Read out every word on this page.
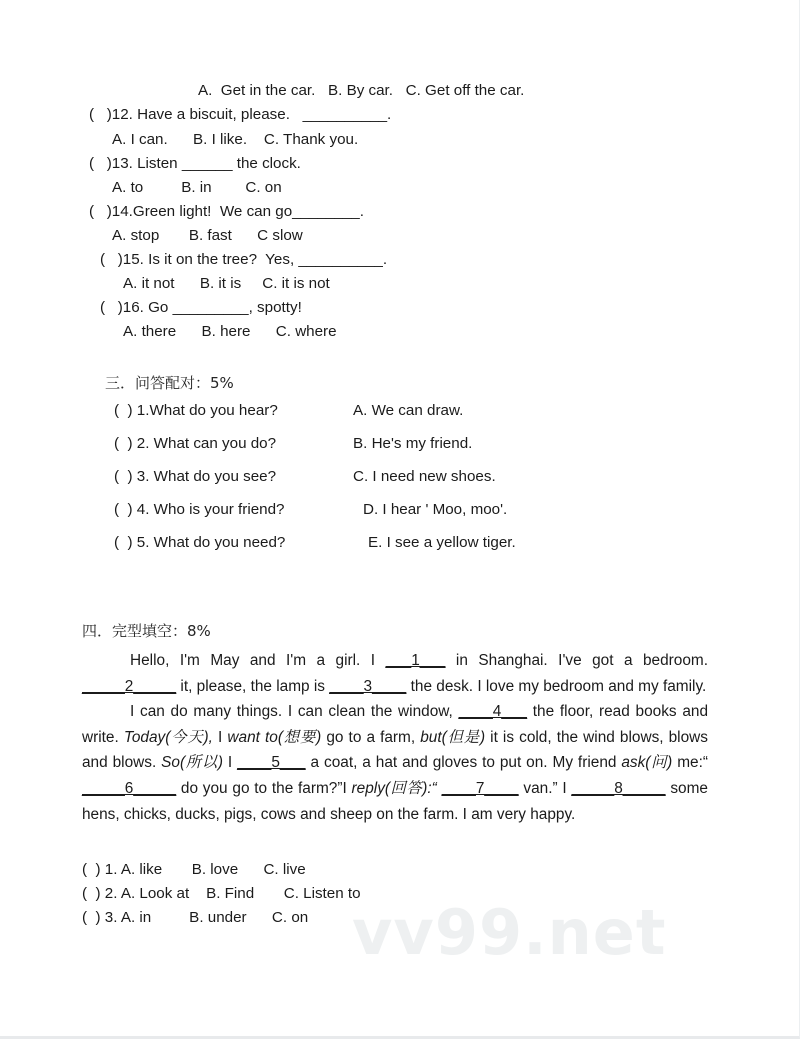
vv99.net
A.  Get in the car.   B. By car.   C. Get off the car.
(   )12. Have a biscuit, please.   __________.
A. I can.      B. I like.    C. Thank you.
(   )13. Listen ______ the clock.
A. to         B. in        C. on
(   )14.Green light!  We can go________.
A. stop       B. fast      C slow
(   )15. Is it on the tree?  Yes, __________.
A. it not      B. it is     C. it is not
(   )16. Go _________, spotty!
A. there      B. here      C. where
三．问答配对：5%
(  ) 1.What do you hear?
(  ) 2. What can you do?
(  ) 3. What do you see?
(  ) 4. Who is your friend?
(  ) 5. What do you need?
A. We can draw.
B. He's my friend.
C. I need new shoes.
D. I hear ' Moo, moo'.
E. I see a yellow tiger.
四．完型填空：8%

Hello, I'm May and I'm a girl. I ___1___ in Shanghai. I've got a bedroom. _____2_____ it, please, the lamp is ____3____ the desk. I love my bedroom and my family.

I can do many things. I can clean the window, ____4___ the floor, read books and write. Today(今天), I want to(想要) go to a farm, but(但是) it is cold, the wind blows, blows and blows. So(所以) I ____5___ a coat, a hat and gloves to put on. My friend ask(问) me:“ _____6_____ do you go to the farm?”I reply(回答):“ ____7____ van.” I _____8_____ some hens, chicks, ducks, pigs, cows and sheep on the farm. I am very happy.

(  ) 1. A. like       B. love      C. live
(  ) 2. A. Look at    B. Find       C. Listen to
(  ) 3. A. in         B. under      C. on
